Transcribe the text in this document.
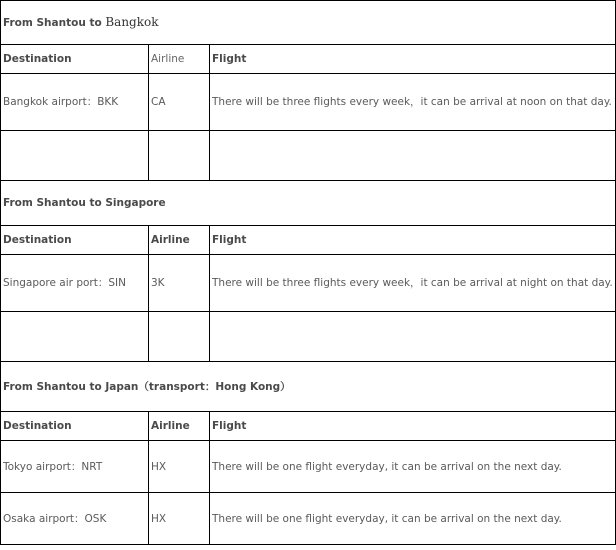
From Shantou to Bangkok		
Destination	Airline	Flight
Bangkok airport：BKK	CA	There will be three flights every week，it can be arrival at noon on that day.

From Shantou to Singapore		
Destination	Airline	Flight
Singapore air port：SIN	3K	There will be three flights every week，it can be arrival at night on that day.

From Shantou to Japan（transport：Hong Kong）		
Destination	Airline	Flight
Tokyo airport：NRT	HX	There will be one flight everyday, it can be arrival on the next day.
Osaka airport：OSK	HX	There will be one flight everyday, it can be arrival on the next day.
